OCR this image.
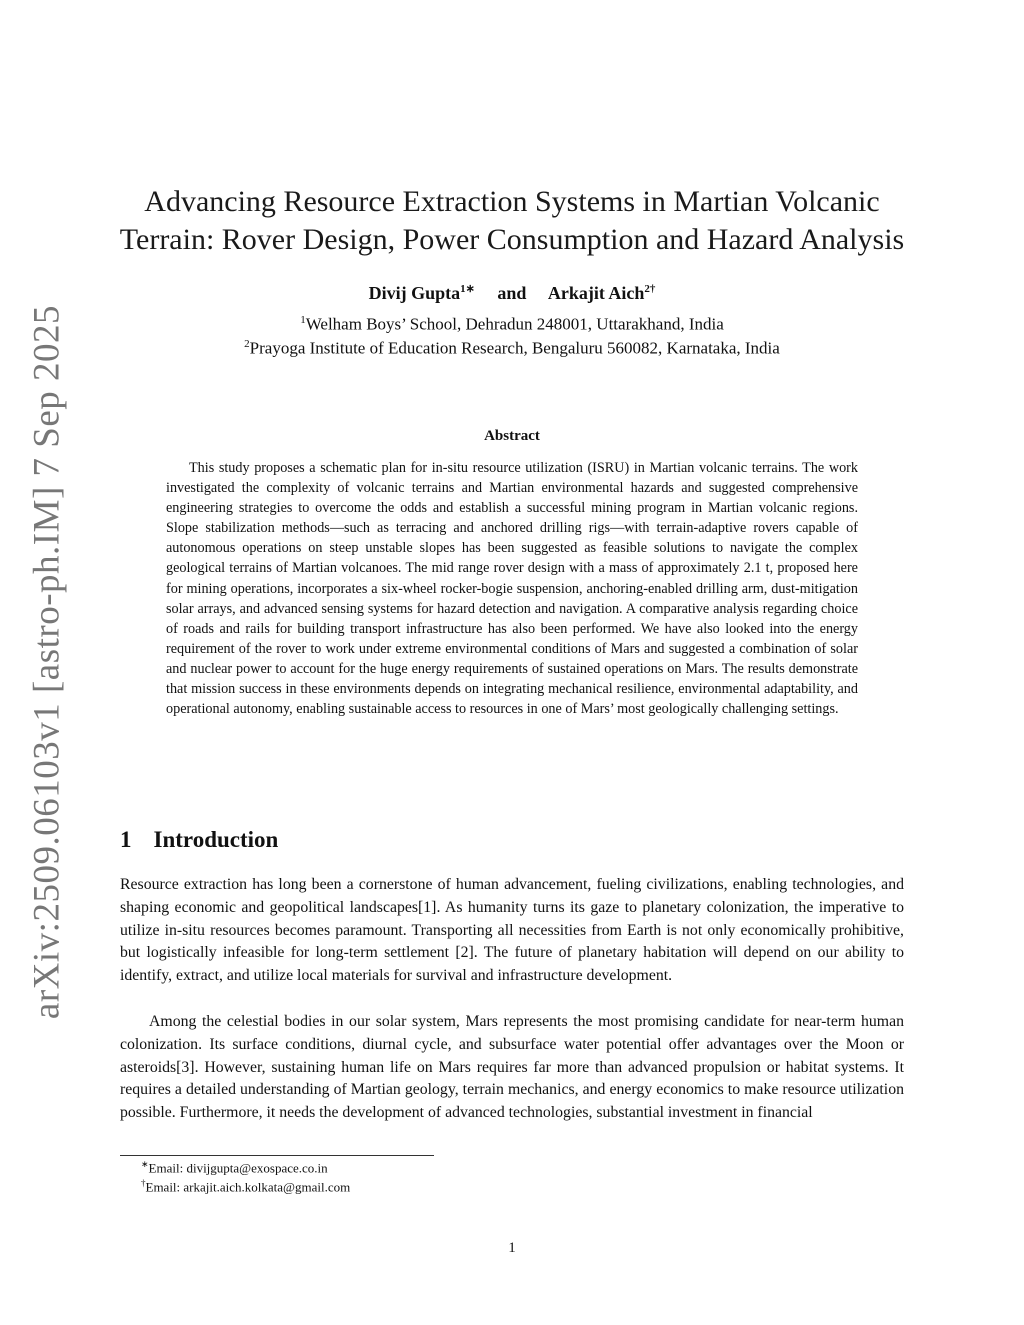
arXiv:2509.06103v1 [astro-ph.IM] 7 Sep 2025
Advancing Resource Extraction Systems in Martian Volcanic
Terrain: Rover Design, Power Consumption and Hazard Analysis
Divij Gupta$^{1∗}$ and Arkajit Aich$^{2\dagger}$
$^1$Welham Boys’ School, Dehradun 248001, Uttarakhand, India
$^2$Prayoga Institute of Education Research, Bengaluru 560082, Karnataka, India
Abstract

This study proposes a schematic plan for in-situ resource utilization (ISRU) in Martian volcanic terrains. The work investigated the complexity of volcanic terrains and Martian environmental hazards and suggested comprehensive engineering strategies to overcome the odds and establish a successful mining program in Martian volcanic regions. Slope stabilization methods—such as terracing and anchored drilling rigs—with terrain-adaptive rovers capable of autonomous operations on steep unstable slopes has been suggested as feasible solutions to navigate the complex geological terrains of Martian volcanoes. The mid range rover design with a mass of approximately 2.1 t, proposed here for mining operations, incorporates a six-wheel rocker-bogie suspension, anchoring-enabled drilling arm, dust-mitigation solar arrays, and advanced sensing systems for hazard detection and navigation. A comparative analysis regarding choice of roads and rails for building transport infrastructure has also been performed. We have also looked into the energy requirement of the rover to work under extreme environmental conditions of Mars and suggested a combination of solar and nuclear power to account for the huge energy requirements of sustained operations on Mars. The results demonstrate that mission success in these environments depends on integrating mechanical resilience, environmental adaptability, and operational autonomy, enabling sustainable access to resources in one of Mars’ most geologically challenging settings.

1 Introduction

Resource extraction has long been a cornerstone of human advancement, fueling civilizations, enabling technologies, and shaping economic and geopolitical landscapes[1]. As humanity turns its gaze to planetary colonization, the imperative to utilize in-situ resources becomes paramount. Transporting all necessities from Earth is not only economically prohibitive, but logistically infeasible for long-term settlement [2]. The future of planetary habitation will depend on our ability to identify, extract, and utilize local materials for survival and infrastructure development.

Among the celestial bodies in our solar system, Mars represents the most promising candidate for near-term human colonization. Its surface conditions, diurnal cycle, and subsurface water potential offer advantages over the Moon or asteroids[3]. However, sustaining human life on Mars requires far more than advanced propulsion or habitat systems. It requires a detailed understanding of Martian geology, terrain mechanics, and energy economics to make resource utilization possible. Furthermore, it needs the development of advanced technologies, substantial investment in financial

∗Email: divijgupta@exospace.co.in
†Email: arkajit.aich.kolkata@gmail.com
1
